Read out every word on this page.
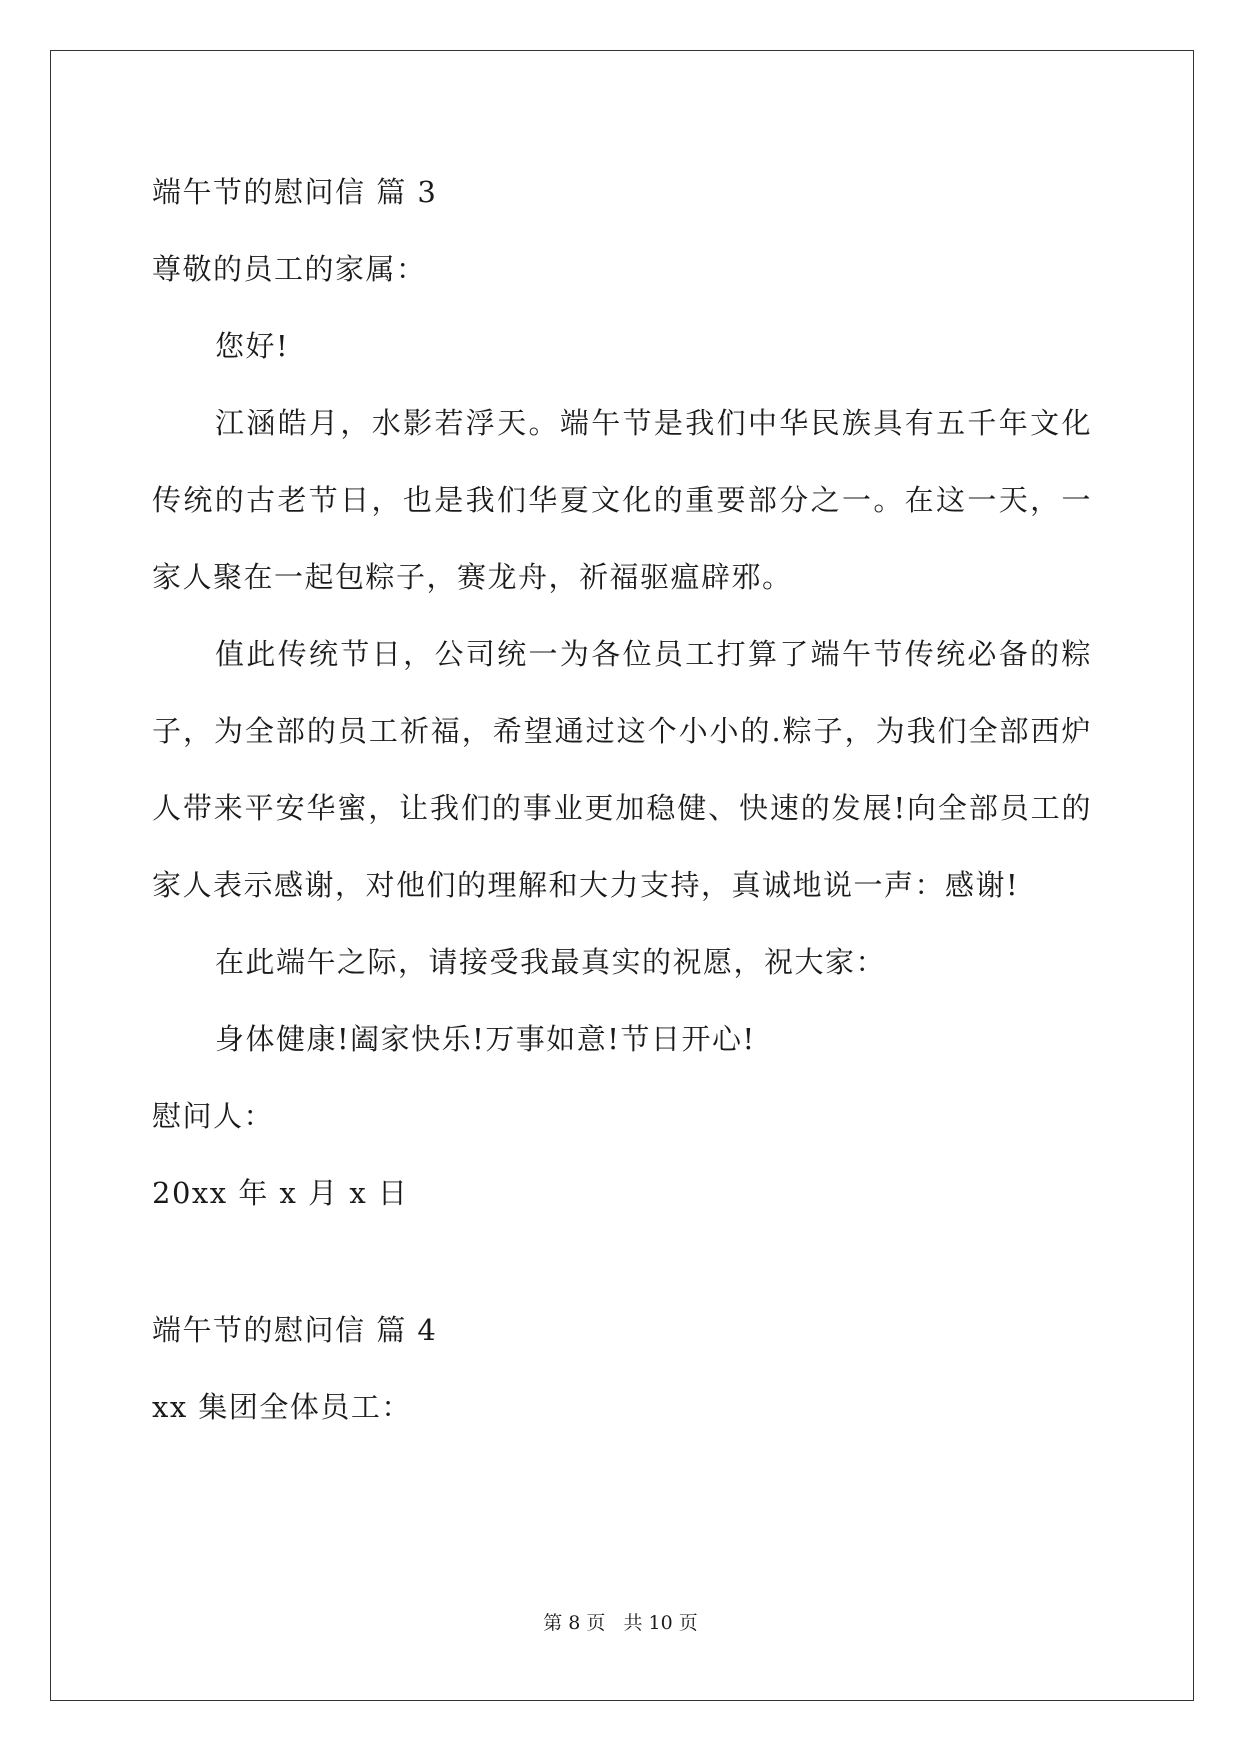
端午节的慰问信 篇 3
尊敬的员工的家属：
您好!
江涵皓月，水影若浮天。端午节是我们中华民族具有五千年文化
传统的古老节日，也是我们华夏文化的重要部分之一。在这一天，一
家人聚在一起包粽子，赛龙舟，祈福驱瘟辟邪。
值此传统节日，公司统一为各位员工打算了端午节传统必备的粽
子，为全部的员工祈福，希望通过这个小小的.粽子，为我们全部西炉
人带来平安华蜜，让我们的事业更加稳健、快速的发展!向全部员工的
家人表示感谢，对他们的理解和大力支持，真诚地说一声：感谢!
在此端午之际，请接受我最真实的祝愿，祝大家：
身体健康!阖家快乐!万事如意!节日开心!
慰问人：
20xx 年 x 月 x 日
端午节的慰问信 篇 4
xx 集团全体员工：
第 8 页 共 10 页
